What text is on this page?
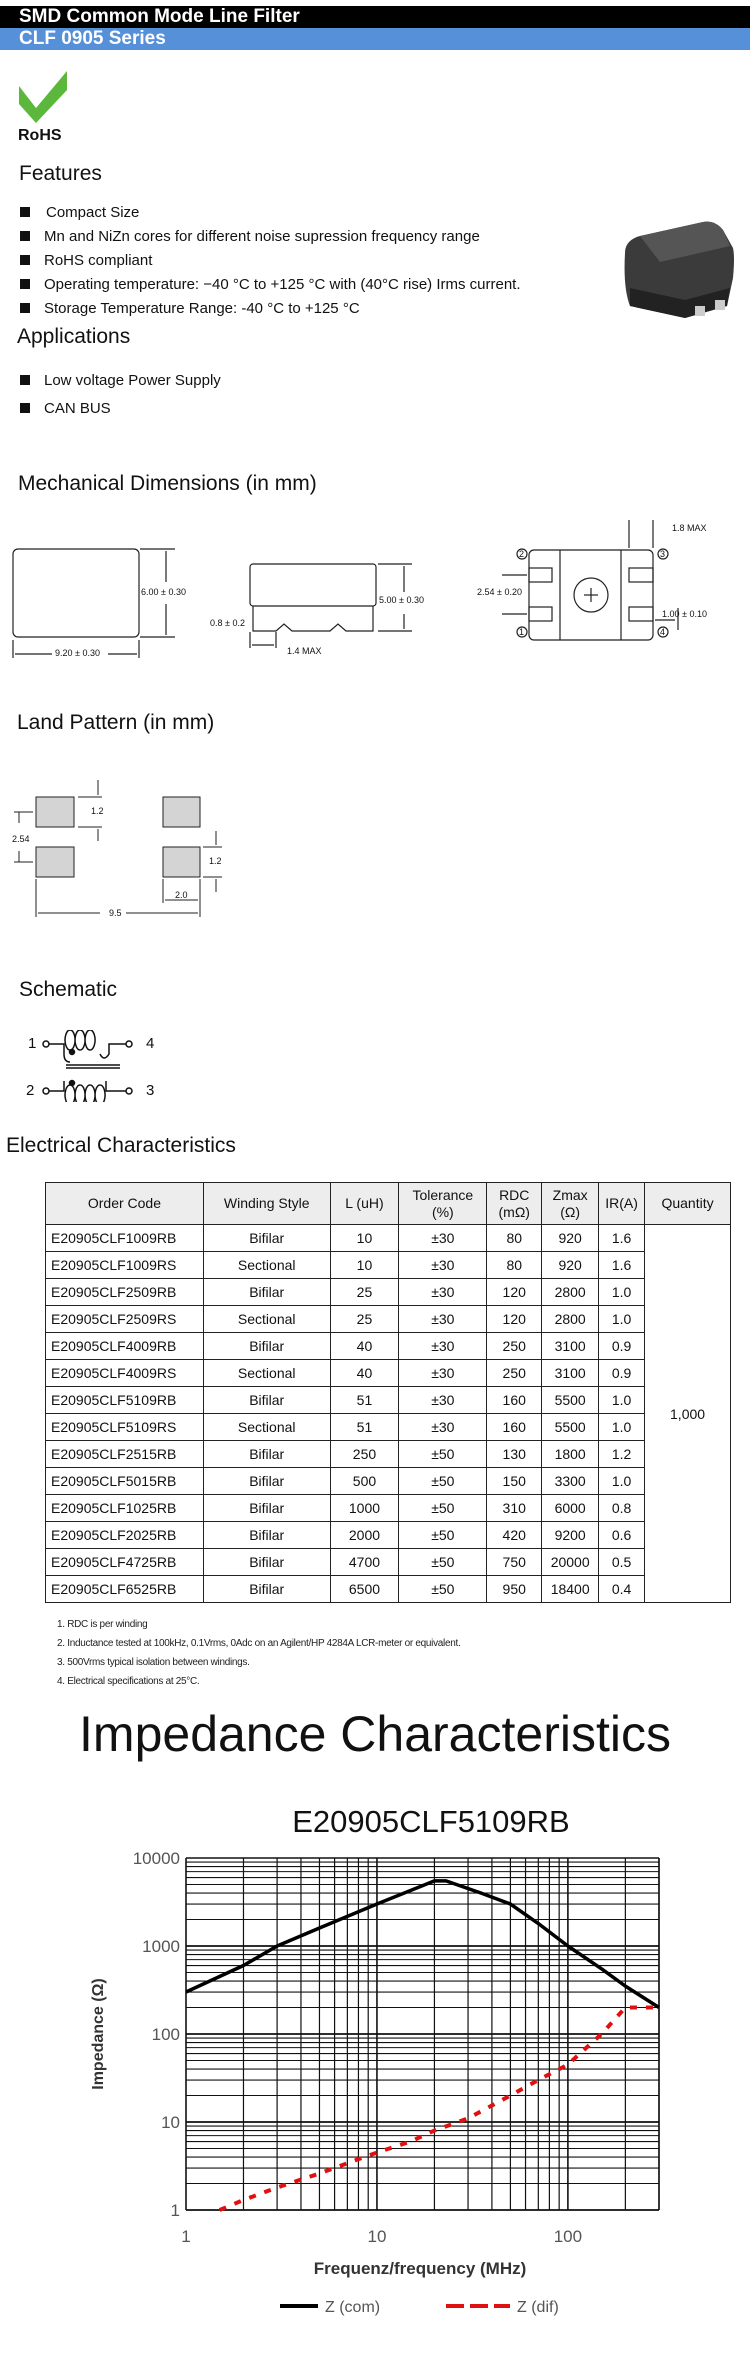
SMD Common Mode Line Filter
CLF 0905 Series
RoHS
Features
Compact Size
Mn and NiZn cores for different noise supression frequency range
RoHS compliant
Operating temperature: −40 °C to +125 °C with (40°C rise) Irms current.
Storage Temperature Range: -40 °C to +125 °C
Applications
Low voltage Power Supply
CAN BUS
Mechanical Dimensions (in mm)
6.00 ± 0.30
9.20 ± 0.30
5.00 ± 0.30
0.8 ± 0.2
1.4 MAX
2.54 ± 0.20
1.00 ± 0.10
1.8 MAX
2	3
1	4
Land Pattern (in mm)
1.2
2.54
1.2
2.0
9.5
Schematic
1	4
2	3
Electrical Characteristics
Order Code	Winding Style	L (uH)	Tolerance (%)	RDC (mΩ)	Zmax (Ω)	IR(A)	Quantity
E20905CLF1009RB	Bifilar	10	±30	80	920	1.6	1,000
E20905CLF1009RS	Sectional	10	±30	80	920	1.6	
E20905CLF2509RB	Bifilar	25	±30	120	2800	1.0	
E20905CLF2509RS	Sectional	25	±30	120	2800	1.0	
E20905CLF4009RB	Bifilar	40	±30	250	3100	0.9	
E20905CLF4009RS	Sectional	40	±30	250	3100	0.9	
E20905CLF5109RB	Bifilar	51	±30	160	5500	1.0	
E20905CLF5109RS	Sectional	51	±30	160	5500	1.0	
E20905CLF2515RB	Bifilar	250	±50	130	1800	1.2	
E20905CLF5015RB	Bifilar	500	±50	150	3300	1.0	
E20905CLF1025RB	Bifilar	1000	±50	310	6000	0.8	
E20905CLF2025RB	Bifilar	2000	±50	420	9200	0.6	
E20905CLF4725RB	Bifilar	4700	±50	750	20000	0.5	
E20905CLF6525RB	Bifilar	6500	±50	950	18400	0.4	
1. RDC is per winding
2. Inductance tested at 100kHz, 0.1Vrms, 0Adc on an Agilent/HP 4284A LCR-meter or equivalent.
3. 500Vrms typical isolation between windings.
4. Electrical specifications at 25°C.
Impedance Characteristics
10000
1000
100
10
1
1	10	100
E20905CLF5109RB
Frequenz/frequency (MHz)
Impedance (Ω)
Z (com)	Z (dif)
